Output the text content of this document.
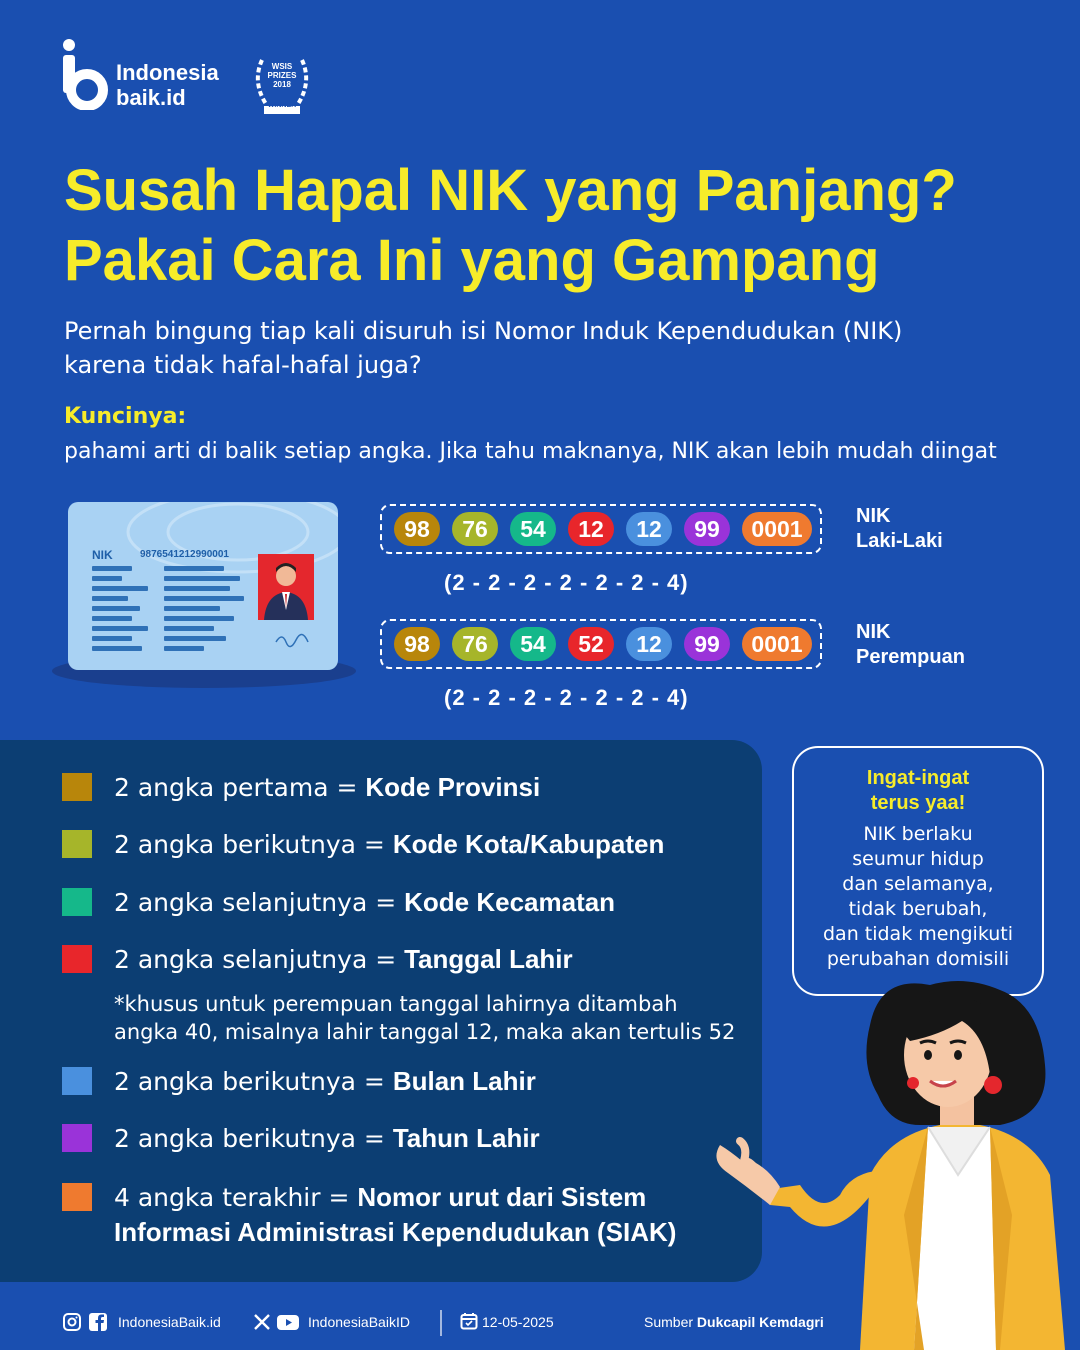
Indonesia
baik.id
WSIS
PRIZES
2018
WINNER
Susah Hapal NIK yang Panjang?
Pakai Cara Ini yang Gampang
Pernah bingung tiap kali disuruh isi Nomor Induk Kependudukan (NIK)
karena tidak hafal-hafal juga?
Kuncinya:
pahami arti di balik setiap angka. Jika tahu maknanya, NIK akan lebih mudah diingat
NIK	9876541212990001
98	76	54	12	12	99	0001
(2 - 2 - 2 - 2 - 2 - 2 - 4)
NIK
Laki-Laki
98	76	54	52	12	99	0001
(2 - 2 - 2 - 2 - 2 - 2 - 4)
NIK
Perempuan
2 angka pertama = Kode Provinsi
2 angka berikutnya = Kode Kota/Kabupaten
2 angka selanjutnya = Kode Kecamatan
2 angka selanjutnya = Tanggal Lahir
*khusus untuk perempuan tanggal lahirnya ditambah
angka 40, misalnya lahir tanggal 12, maka akan tertulis 52
2 angka berikutnya = Bulan Lahir
2 angka berikutnya = Tahun Lahir
4 angka terakhir = Nomor urut dari Sistem
Informasi Administrasi Kependudukan (SIAK)
Ingat-ingat
terus yaa!
NIK berlaku
seumur hidup
dan selamanya,
tidak berubah,
dan tidak mengikuti
perubahan domisili
IndonesiaBaik.id	IndonesiaBaikID	12-05-2025	Sumber Dukcapil Kemdagri
